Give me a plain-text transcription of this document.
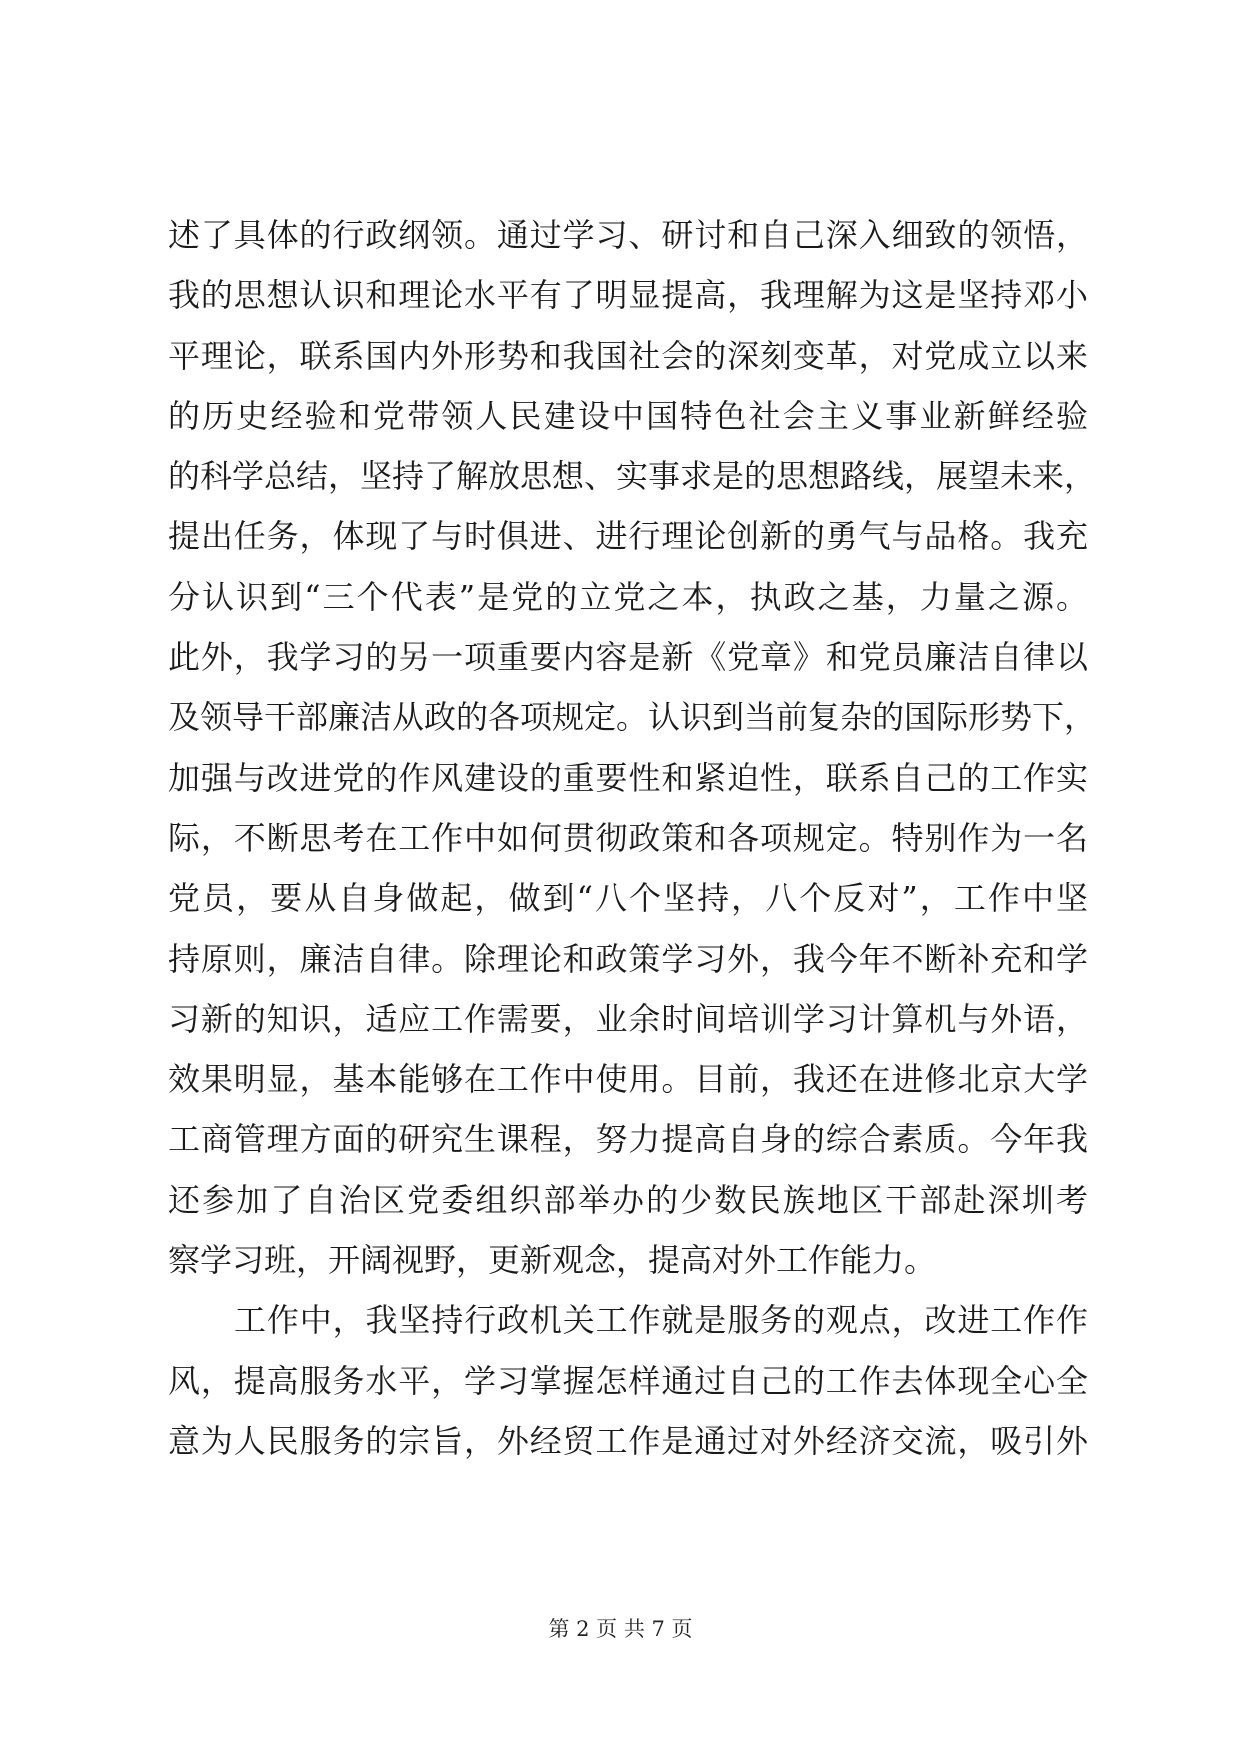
述了具体的行政纲领。通过学习、研讨和自己深入细致的领悟，
我的思想认识和理论水平有了明显提高，我理解为这是坚持邓小
平理论，联系国内外形势和我国社会的深刻变革，对党成立以来
的历史经验和党带领人民建设中国特色社会主义事业新鲜经验
的科学总结，坚持了解放思想、实事求是的思想路线，展望未来，
提出任务，体现了与时俱进、进行理论创新的勇气与品格。我充
分认识到“三个代表”是党的立党之本，执政之基，力量之源。
此外，我学习的另一项重要内容是新《党章》和党员廉洁自律以
及领导干部廉洁从政的各项规定。认识到当前复杂的国际形势下，
加强与改进党的作风建设的重要性和紧迫性，联系自己的工作实
际，不断思考在工作中如何贯彻政策和各项规定。特别作为一名
党员，要从自身做起，做到“八个坚持，八个反对”，工作中坚
持原则，廉洁自律。除理论和政策学习外，我今年不断补充和学
习新的知识，适应工作需要，业余时间培训学习计算机与外语，
效果明显，基本能够在工作中使用。目前，我还在进修北京大学
工商管理方面的研究生课程，努力提高自身的综合素质。今年我
还参加了自治区党委组织部举办的少数民族地区干部赴深圳考
察学习班，开阔视野，更新观念，提高对外工作能力。
工作中，我坚持行政机关工作就是服务的观点，改进工作作
风，提高服务水平，学习掌握怎样通过自己的工作去体现全心全
意为人民服务的宗旨，外经贸工作是通过对外经济交流，吸引外
第 2 页 共 7 页
